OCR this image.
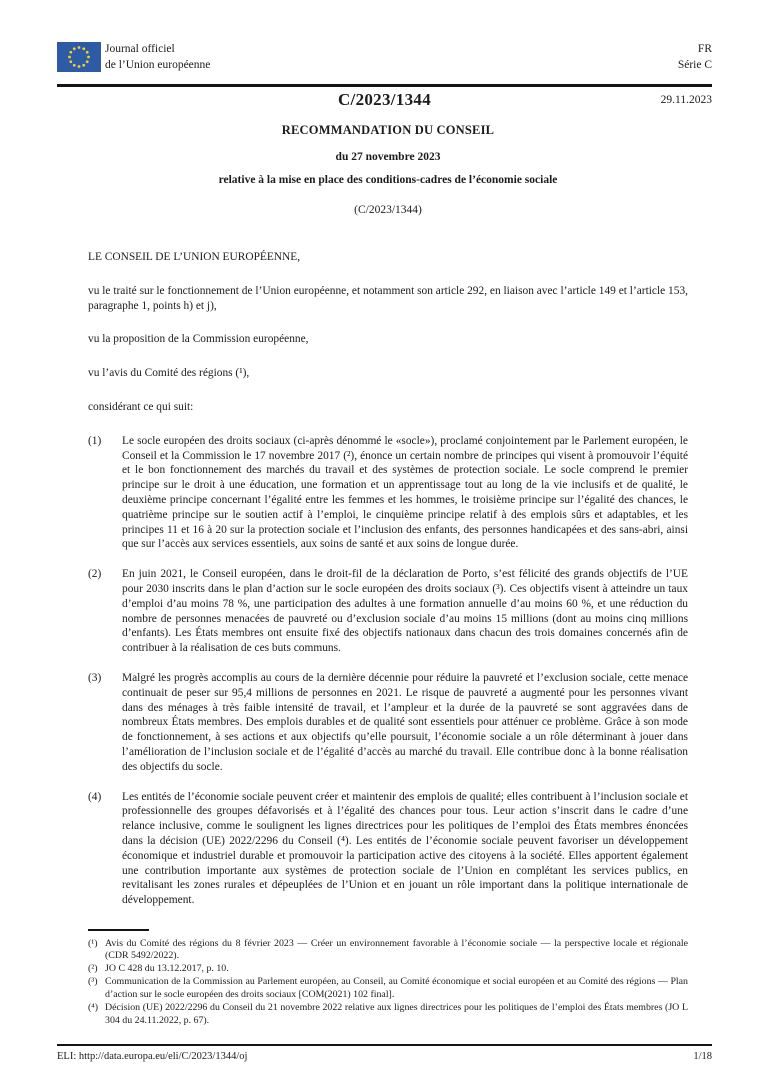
Journal officiel
de l’Union européenne
FR
Série C
C/2023/1344	29.11.2023
RECOMMANDATION DU CONSEIL
du 27 novembre 2023
relative à la mise en place des conditions-cadres de l’économie sociale
(C/2023/1344)

LE CONSEIL DE L’UNION EUROPÉENNE,

vu le traité sur le fonctionnement de l’Union européenne, et notamment son article 292, en liaison avec l’article 149 et l’article 153, paragraphe 1, points h) et j),

vu la proposition de la Commission européenne,

vu l’avis du Comité des régions (¹),

considérant ce qui suit:

(1)	Le socle européen des droits sociaux (ci-après dénommé le «socle»), proclamé conjointement par le Parlement européen, le Conseil et la Commission le 17 novembre 2017 (²), énonce un certain nombre de principes qui visent à promouvoir l’équité et le bon fonctionnement des marchés du travail et des systèmes de protection sociale. Le socle comprend le premier principe sur le droit à une éducation, une formation et un apprentissage tout au long de la vie inclusifs et de qualité, le deuxième principe concernant l’égalité entre les femmes et les hommes, le troisième principe sur l’égalité des chances, le quatrième principe sur le soutien actif à l’emploi, le cinquième principe relatif à des emplois sûrs et adaptables, et les principes 11 et 16 à 20 sur la protection sociale et l’inclusion des enfants, des personnes handicapées et des sans-abri, ainsi que sur l’accès aux services essentiels, aux soins de santé et aux soins de longue durée.
(2)	En juin 2021, le Conseil européen, dans le droit-fil de la déclaration de Porto, s’est félicité des grands objectifs de l’UE pour 2030 inscrits dans le plan d’action sur le socle européen des droits sociaux (³). Ces objectifs visent à atteindre un taux d’emploi d’au moins 78 %, une participation des adultes à une formation annuelle d’au moins 60 %, et une réduction du nombre de personnes menacées de pauvreté ou d’exclusion sociale d’au moins 15 millions (dont au moins cinq millions d’enfants). Les États membres ont ensuite fixé des objectifs nationaux dans chacun des trois domaines concernés afin de contribuer à la réalisation de ces buts communs.
(3)	Malgré les progrès accomplis au cours de la dernière décennie pour réduire la pauvreté et l’exclusion sociale, cette menace continuait de peser sur 95,4 millions de personnes en 2021. Le risque de pauvreté a augmenté pour les personnes vivant dans des ménages à très faible intensité de travail, et l’ampleur et la durée de la pauvreté se sont aggravées dans de nombreux États membres. Des emplois durables et de qualité sont essentiels pour atténuer ce problème. Grâce à son mode de fonctionnement, à ses actions et aux objectifs qu’elle poursuit, l’économie sociale a un rôle déterminant à jouer dans l’amélioration de l’inclusion sociale et de l’égalité d’accès au marché du travail. Elle contribue donc à la bonne réalisation des objectifs du socle.
(4)	Les entités de l’économie sociale peuvent créer et maintenir des emplois de qualité; elles contribuent à l’inclusion sociale et professionnelle des groupes défavorisés et à l’égalité des chances pour tous. Leur action s’inscrit dans le cadre d’une relance inclusive, comme le soulignent les lignes directrices pour les politiques de l’emploi des États membres énoncées dans la décision (UE) 2022/2296 du Conseil (⁴). Les entités de l’économie sociale peuvent favoriser un développement économique et industriel durable et promouvoir la participation active des citoyens à la société. Elles apportent également une contribution importante aux systèmes de protection sociale de l’Union en complétant les services publics, en revitalisant les zones rurales et dépeuplées de l’Union et en jouant un rôle important dans la politique internationale de développement.
(¹) Avis du Comité des régions du 8 février 2023 — Créer un environnement favorable à l’économie sociale — la perspective locale et régionale (CDR 5492/2022).
(²) JO C 428 du 13.12.2017, p. 10.
(³) Communication de la Commission au Parlement européen, au Conseil, au Comité économique et social européen et au Comité des régions — Plan d’action sur le socle européen des droits sociaux [COM(2021) 102 final].
(⁴) Décision (UE) 2022/2296 du Conseil du 21 novembre 2022 relative aux lignes directrices pour les politiques de l’emploi des États membres (JO L 304 du 24.11.2022, p. 67).
ELI: http://data.europa.eu/eli/C/2023/1344/oj	1/18
